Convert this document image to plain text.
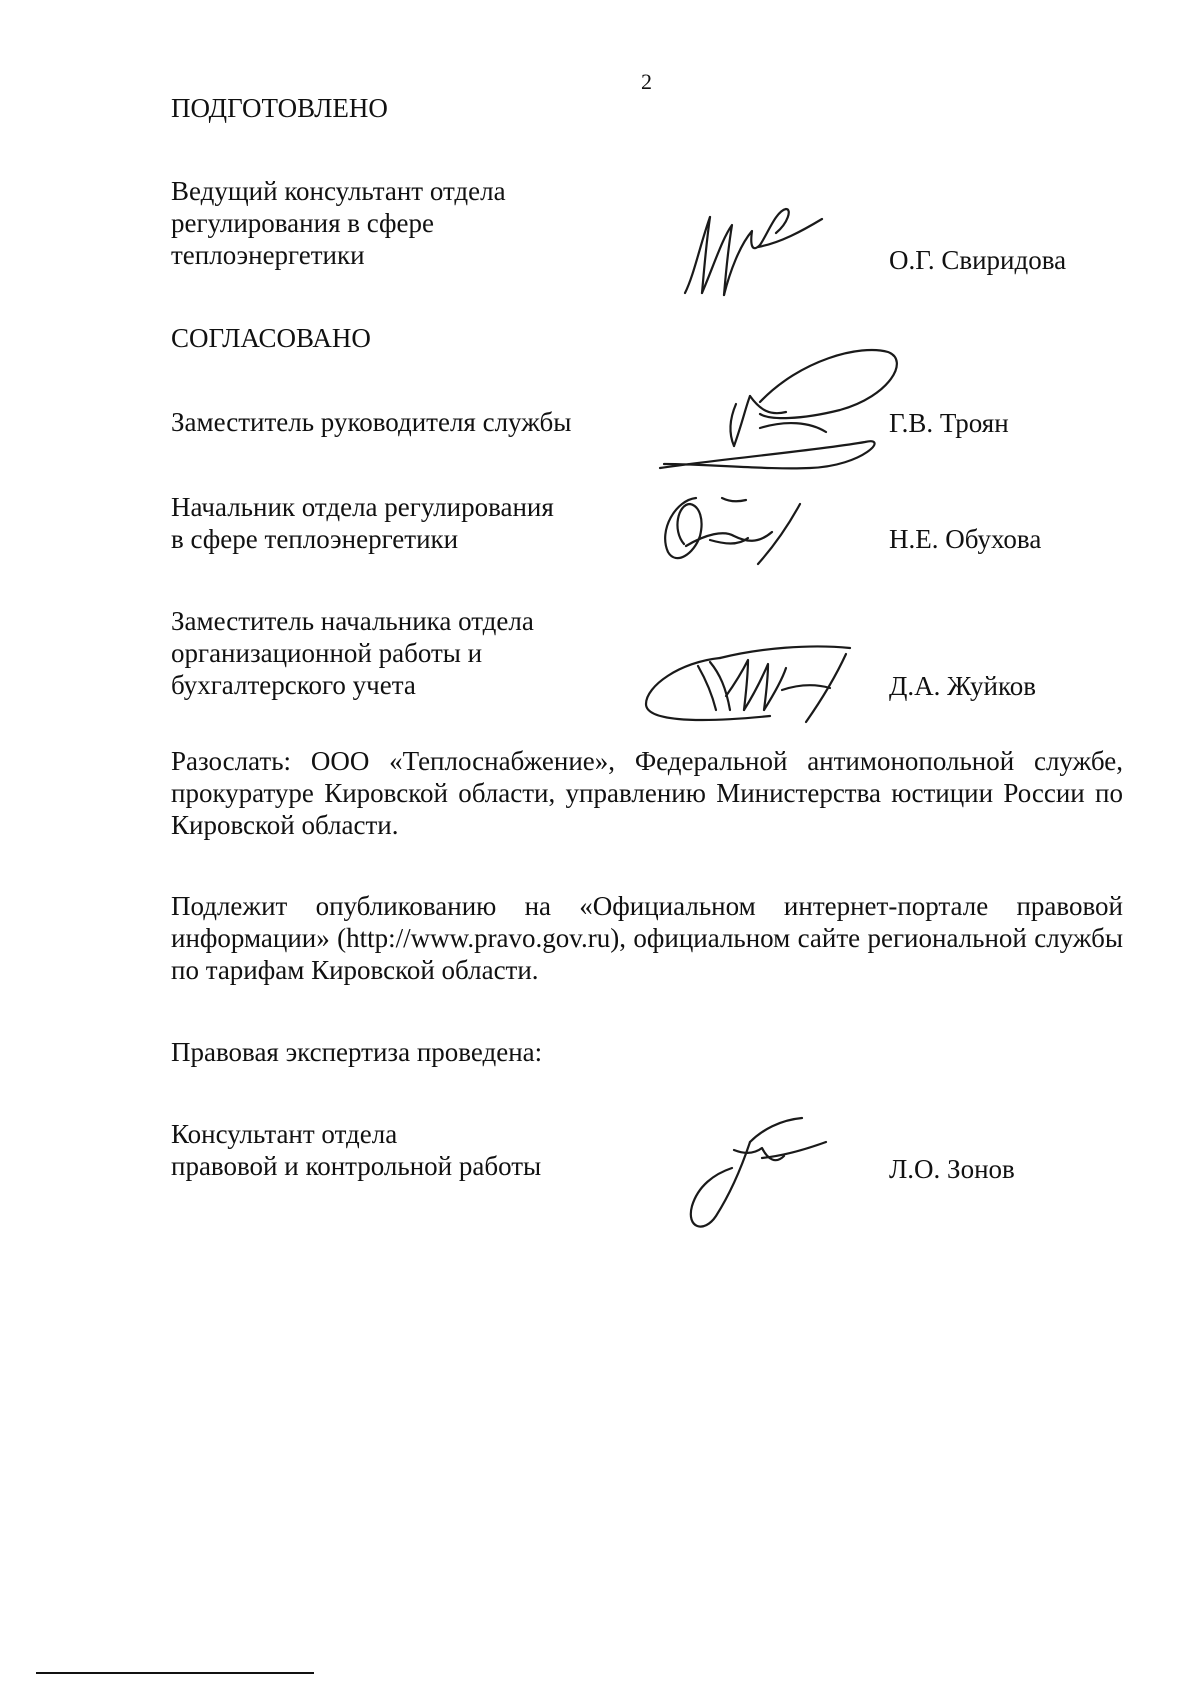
2
ПОДГОТОВЛЕНО
Ведущий консультант отдела
регулирования в сфере
теплоэнергетики	О.Г. Свиридова
СОГЛАСОВАНО
Заместитель руководителя службы	Г.В. Троян
Начальник отдела регулирования
в сфере теплоэнергетики	Н.Е. Обухова
Заместитель начальника отдела
организационной работы и
бухгалтерского учета	Д.А. Жуйков
Разослать: ООО «Теплоснабжение», Федеральной антимонопольной службе, прокуратуре Кировской области, управлению Министерства юстиции России по Кировской области.
Подлежит опубликованию на «Официальном интернет-портале правовой информации» (http://www.pravo.gov.ru), официальном сайте региональной службы по тарифам Кировской области.
Правовая экспертиза проведена:
Консультант отдела
правовой и контрольной работы	Л.О. Зонов
